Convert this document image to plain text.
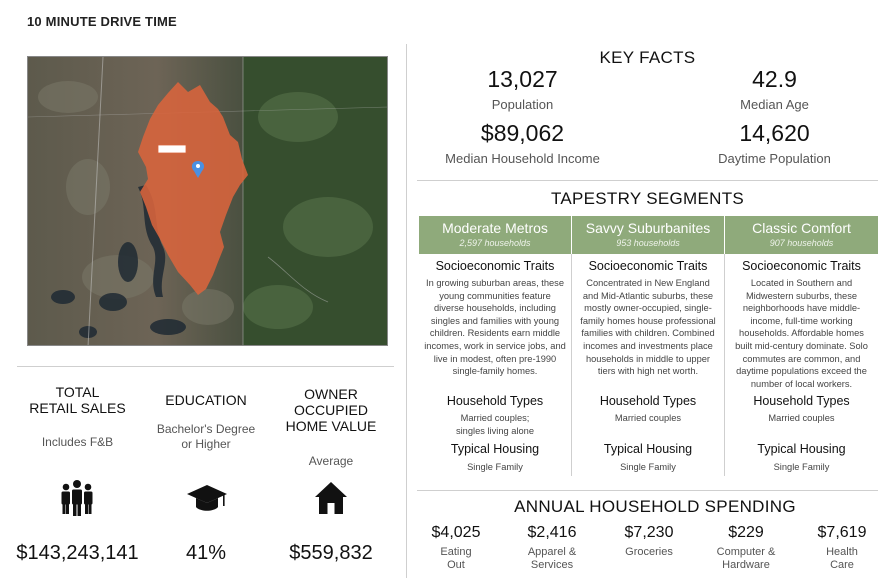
10 MINUTE DRIVE TIME
TOTAL
RETAIL SALES
Includes F&B
EDUCATION
Bachelor's Degree
or Higher
OWNER OCCUPIED
HOME VALUE
Average
$143,243,141	41%	$559,832
KEY FACTS
13,027
Population
42.9
Median Age
$89,062
Median Household Income
14,620
Daytime Population
TAPESTRY SEGMENTS
Moderate Metros
2,597 households
Socioeconomic Traits
In growing suburban areas, these
young communities feature
diverse households, including
singles and families with young
children. Residents earn middle
incomes, work in service jobs, and
live in modest, often pre-1990
single-family homes.
Savvy Suburbanites
953 households
Socioeconomic Traits
Concentrated in New England
and Mid-Atlantic suburbs, these
mostly owner-occupied, single-
family homes house professional
families with children. Combined
incomes and investments place
households in middle to upper
tiers with high net worth.
Classic Comfort
907 households
Socioeconomic Traits
Located in Southern and
Midwestern suburbs, these
neighborhoods have middle-
income, full-time working
households. Affordable homes
built mid-century dominate. Solo
commutes are common, and
daytime populations exceed the
number of local workers.
Household Types
Married couples;
singles living alone
Household Types
Married couples
Household Types
Married couples
Typical Housing
Single Family
Typical Housing
Single Family
Typical Housing
Single Family
ANNUAL HOUSEHOLD SPENDING
$4,025
Eating
Out
$2,416
Apparel &
Services
$7,230
Groceries
$229
Computer &
Hardware
$7,619
Health
Care
